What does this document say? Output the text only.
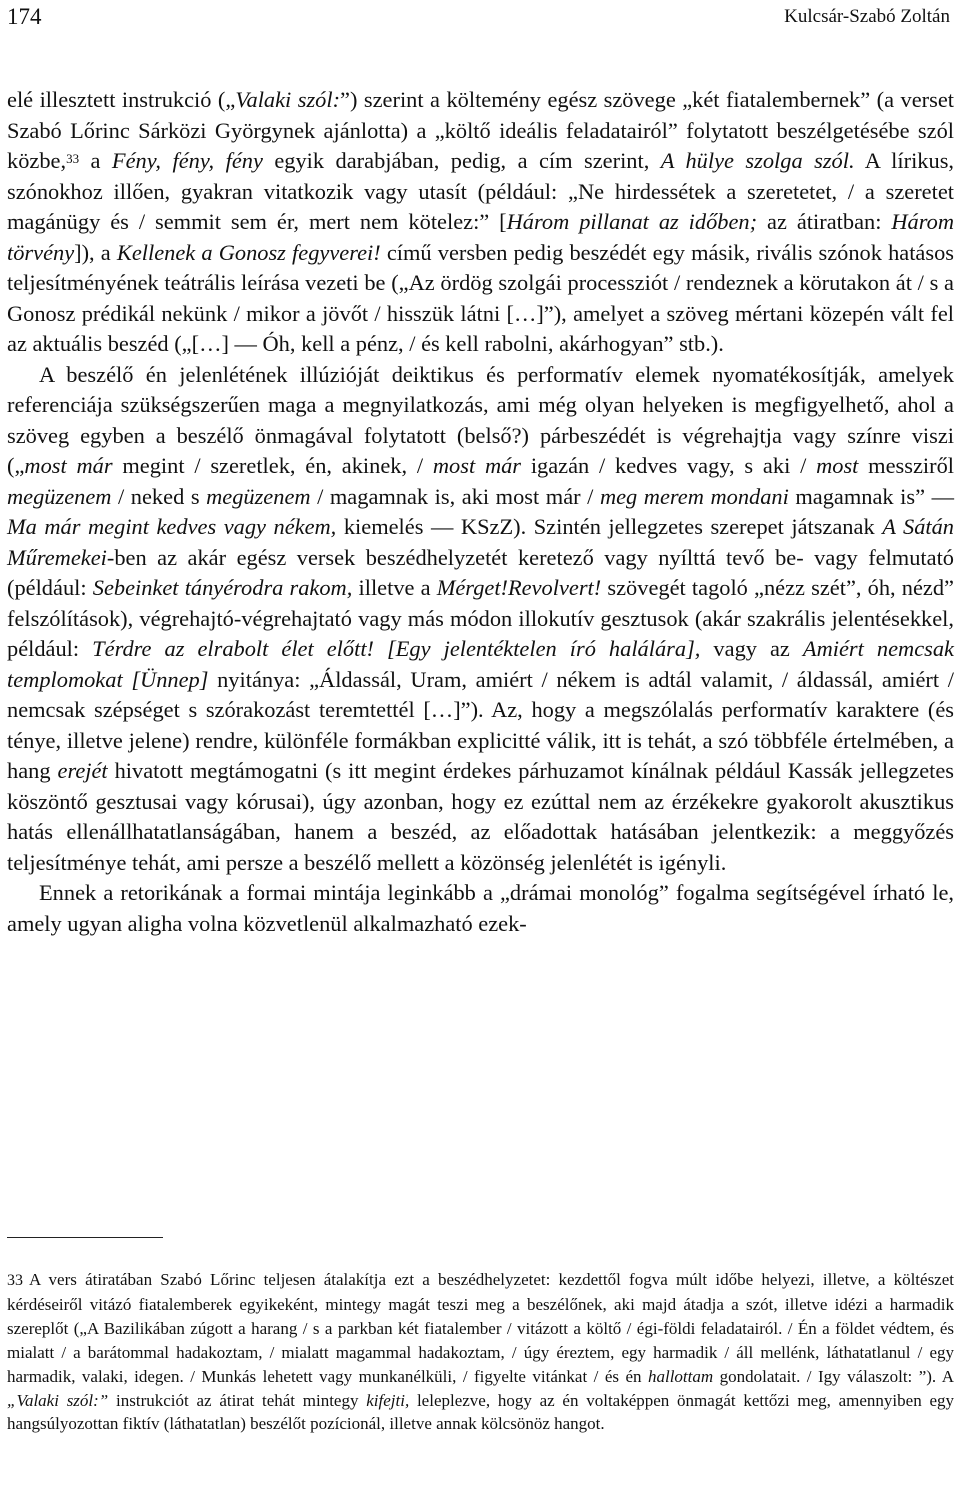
174	Kulcsár-Szabó Zoltán

elé illesztett instrukció („Valaki szól:”) szerint a költemény egész szövege „két fiatalembernek” (a verset Szabó Lőrinc Sárközi Györgynek ajánlotta) a „költő ideális feladatairól” folytatott beszélgetésébe szól közbe,$^{33}$ a Fény, fény, fény egyik darabjában, pedig, a cím szerint, A hülye szolga szól. A lírikus, szónokhoz illően, gyakran vitatkozik vagy utasít (például: „Ne hirdessétek a szeretetet, / a szeretet magánügy és / semmit sem ér, mert nem kötelez:” [Három pillanat az időben; az átiratban: Három törvény]), a Kellenek a Gonosz fegyverei! című versben pedig beszédét egy másik, rivális szónok hatásos teljesítményének teátrális leírása vezeti be („Az ördög szolgái processziót / rendeznek a körutakon át / s a Gonosz prédikál nekünk / mikor a jövőt / hisszük látni […]”), amelyet a szöveg mértani közepén vált fel az aktuális beszéd („[…] — Óh, kell a pénz, / és kell rabolni, akárhogyan” stb.).

A beszélő én jelenlétének illúzióját deiktikus és performatív elemek nyomatékosítják, amelyek referenciája szükségszerűen maga a megnyilatkozás, ami még olyan helyeken is megfigyelhető, ahol a szöveg egyben a beszélő önmagával folytatott (belső?) párbeszédét is végrehajtja vagy színre viszi („most már megint / szeretlek, én, akinek, / most már igazán / kedves vagy, s aki / most messziről megüzenem / neked s megüzenem / magamnak is, aki most már / meg merem mondani magamnak is” — Ma már megint kedves vagy nékem, kiemelés — KSzZ). Szintén jellegzetes szerepet játszanak A Sátán Műremekei-ben az akár egész versek beszédhelyzetét keretező vagy nyílttá tevő be- vagy felmutató (például: Sebeinket tányérodra rakom, illetve a Mérget!Revolvert! szövegét tagoló „nézz szét”, óh, nézd” felszólítások), végrehajtó-végrehajtató vagy más módon illokutív gesztusok (akár szakrális jelentésekkel, például: Térdre az elrabolt élet előtt! [Egy jelentéktelen író halálára], vagy az Amiért nemcsak templomokat [Ünnep] nyitánya: „Áldassál, Uram, amiért / nékem is adtál valamit, / áldassál, amiért / nemcsak szépséget s szórakozást teremtettél […]”). Az, hogy a megszólalás performatív karaktere (és ténye, illetve jelene) rendre, különféle formákban explicitté válik, itt is tehát, a szó többféle értelmében, a hang erejét hivatott megtámogatni (s itt megint érdekes párhuzamot kínálnak például Kassák jellegzetes köszöntő gesztusai vagy kórusai), úgy azonban, hogy ez ezúttal nem az érzékekre gyakorolt akusztikus hatás ellenállhatatlanságában, hanem a beszéd, az előadottak hatásában jelentkezik: a meggyőzés teljesítménye tehát, ami persze a beszélő mellett a közönség jelenlétét is igényli.

Ennek a retorikának a formai mintája leginkább a „drámai monológ” fogalma segítségével írható le, amely ugyan aligha volna közvetlenül alkalmazható ezek-

33 A vers átiratában Szabó Lőrinc teljesen átalakítja ezt a beszédhelyzetet: kezdettől fogva múlt időbe helyezi, illetve, a költészet kérdéseiről vitázó fiatalemberek egyikeként, mintegy magát teszi meg a beszélőnek, aki majd átadja a szót, illetve idézi a harmadik szereplőt („A Bazilikában zúgott a harang / s a parkban két fiatalember / vitázott a költő / égi-földi feladatairól. / Én a földet védtem, és mialatt / a barátommal hadakoztam, / mialatt magammal hadakoztam, / úgy éreztem, egy harmadik / áll mellénk, láthatatlanul / egy harmadik, valaki, idegen. / Munkás lehetett vagy munkanélküli, / figyelte vitánkat / és én hallottam gondolatait. / Igy válaszolt: ”). A „Valaki szól:” instrukciót az átirat tehát mintegy kifejti, leleplezve, hogy az én voltaképpen önmagát kettőzi meg, amennyiben egy hangsúlyozottan fiktív (láthatatlan) beszélőt pozícionál, illetve annak kölcsönöz hangot.
